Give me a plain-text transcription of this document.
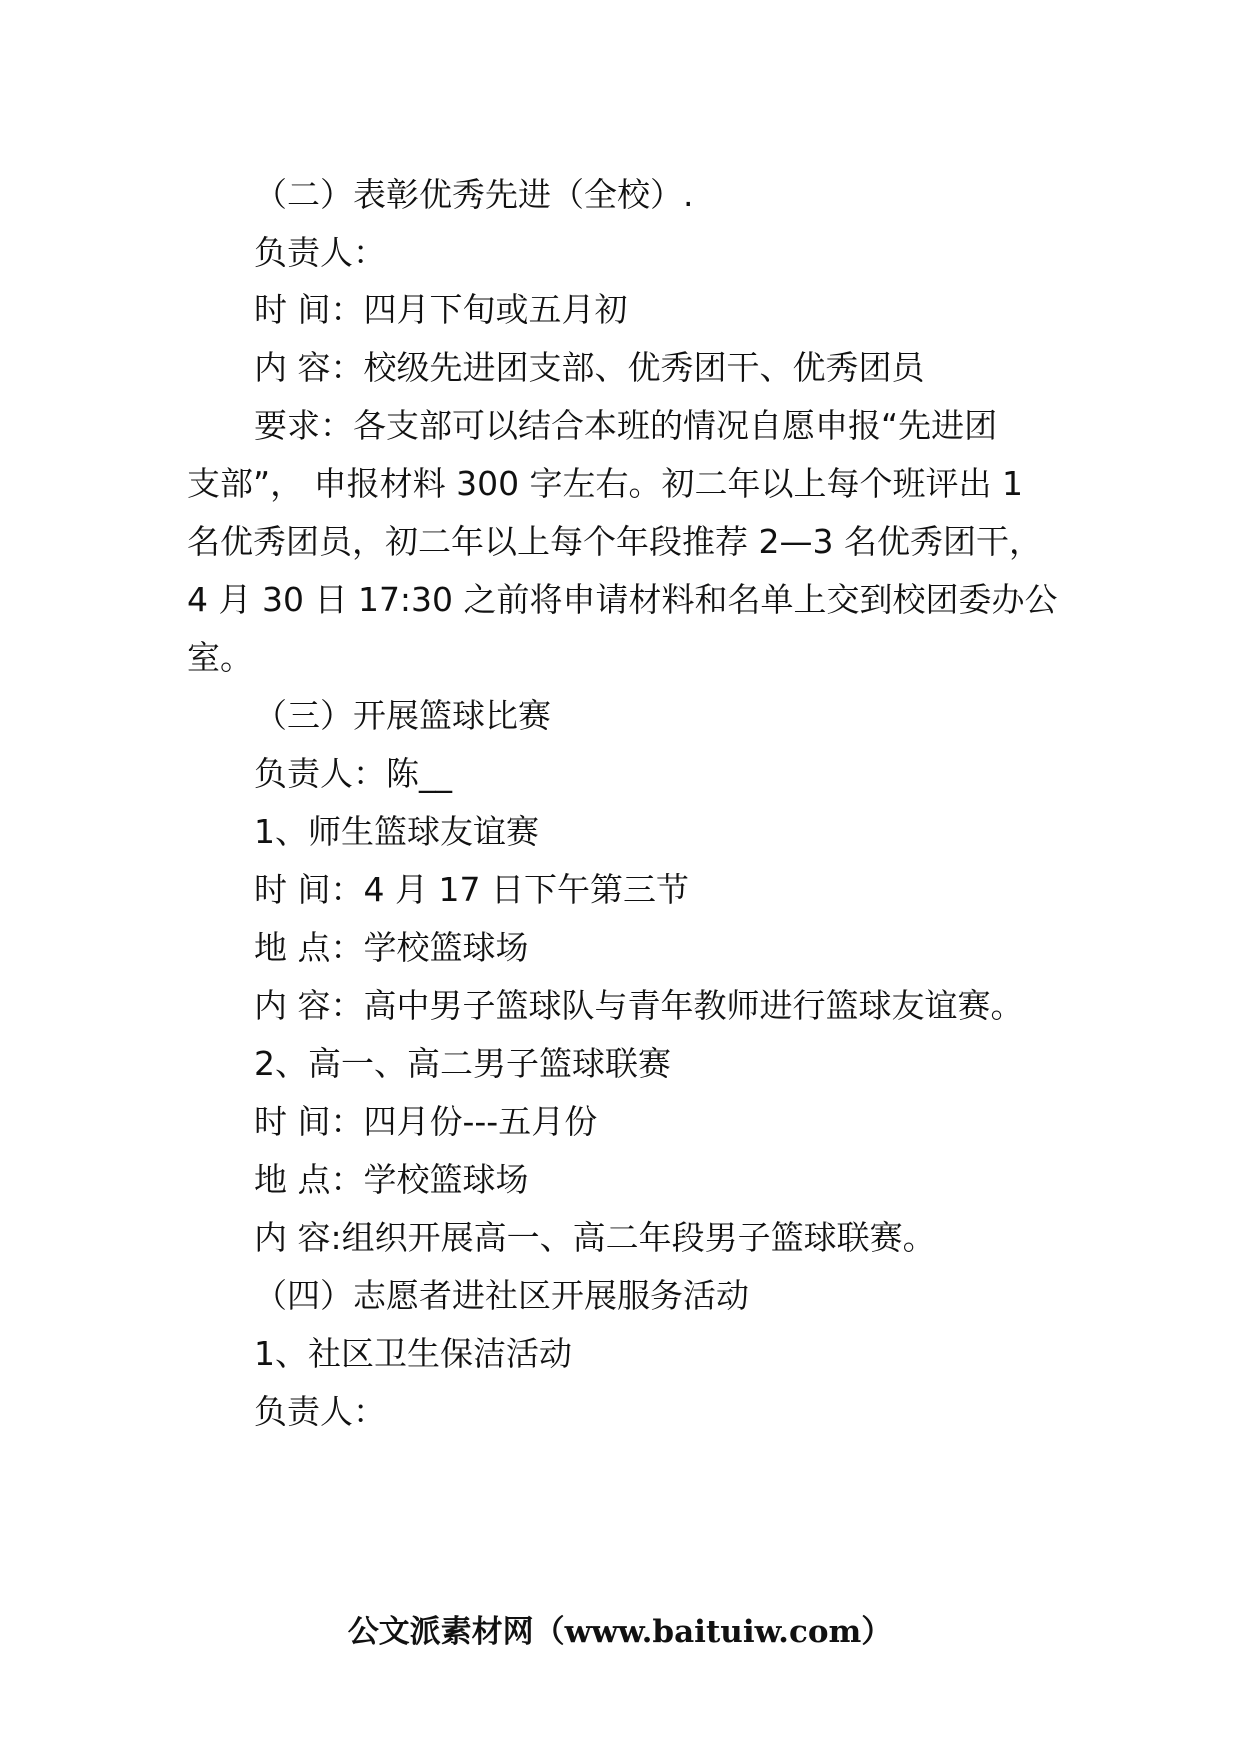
（二）表彰优秀先进（全校）.
负责人：
时 间：四月下旬或五月初
内 容：校级先进团支部、优秀团干、优秀团员
要求：各支部可以结合本班的情况自愿申报“先进团
支部”， 申报材料 300 字左右。初二年以上每个班评出 1
名优秀团员，初二年以上每个年段推荐 2—3 名优秀团干，
4 月 30 日 17:30 之前将申请材料和名单上交到校团委办公
室。
（三）开展篮球比赛
负责人：陈__
1、师生篮球友谊赛
时 间：4 月 17 日下午第三节
地 点：学校篮球场
内 容：高中男子篮球队与青年教师进行篮球友谊赛。
2、高一、高二男子篮球联赛
时 间：四月份---五月份
地 点：学校篮球场
内 容:组织开展高一、高二年段男子篮球联赛。
（四）志愿者进社区开展服务活动
1、社区卫生保洁活动
负责人：
公文派素材网（www.baituiw.com）
